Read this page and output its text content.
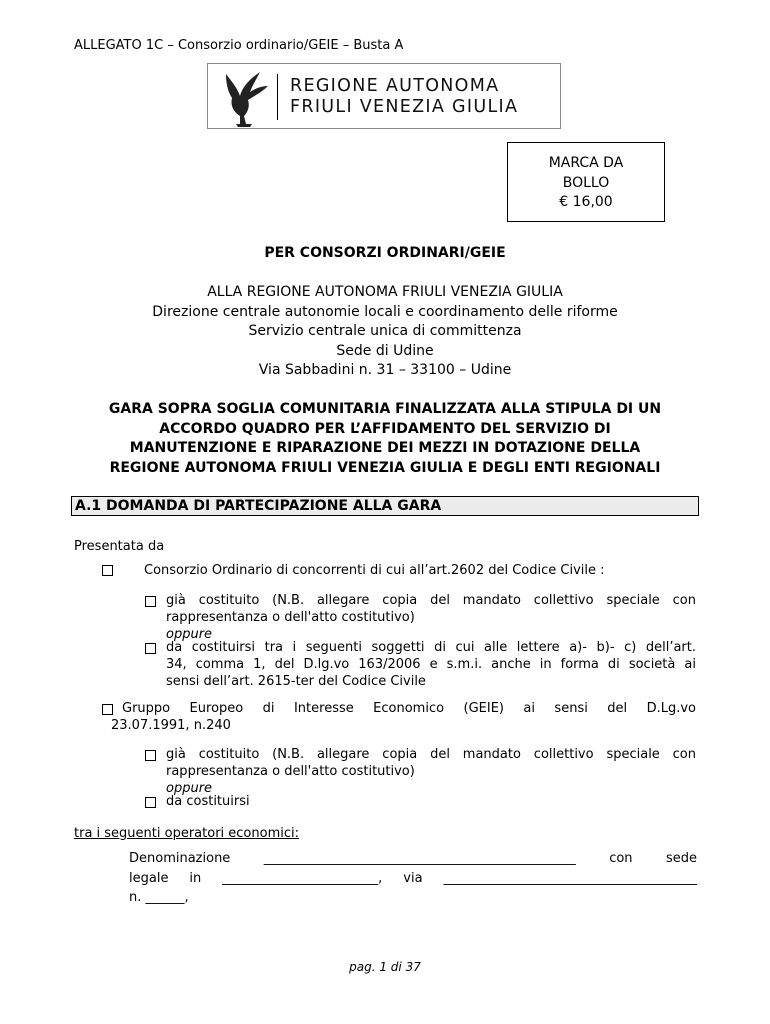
ALLEGATO 1C – Consorzio ordinario/GEIE – Busta A
REGIONE AUTONOMA
FRIULI VENEZIA GIULIA
MARCA DA
BOLLO
€ 16,00
PER CONSORZI ORDINARI/GEIE
ALLA REGIONE AUTONOMA FRIULI VENEZIA GIULIA
Direzione centrale autonomie locali e coordinamento delle riforme
Servizio centrale unica di committenza
Sede di Udine
Via Sabbadini n. 31 – 33100 – Udine
GARA SOPRA SOGLIA COMUNITARIA FINALIZZATA ALLA STIPULA DI UN
ACCORDO QUADRO PER L’AFFIDAMENTO DEL SERVIZIO DI
MANUTENZIONE E RIPARAZIONE DEI MEZZI IN DOTAZIONE DELLA
REGIONE AUTONOMA FRIULI VENEZIA GIULIA E DEGLI ENTI REGIONALI
A.1 DOMANDA DI PARTECIPAZIONE ALLA GARA
Presentata da
Consorzio Ordinario di concorrenti di cui all’art.2602 del Codice Civile :
già costituito (N.B. allegare copia del mandato collettivo speciale con
rappresentanza o dell'atto costitutivo)
oppure
da costituirsi tra i seguenti soggetti di cui alle lettere a)- b)- c) dell’art.
34, comma 1, del D.lg.vo 163/2006 e s.m.i. anche in forma di società ai
sensi dell’art. 2615-ter del Codice Civile
Gruppo Europeo di Interesse Economico (GEIE) ai sensi del D.Lg.vo
23.07.1991, n.240
già costituito (N.B. allegare copia del mandato collettivo speciale con
rappresentanza o dell'atto costitutivo)
oppure
da costituirsi
tra i seguenti operatori economici:
Denominazione ________________________________________________ con sede
legale in ________________________, via _______________________________________
n. ______,
pag. 1 di 37
